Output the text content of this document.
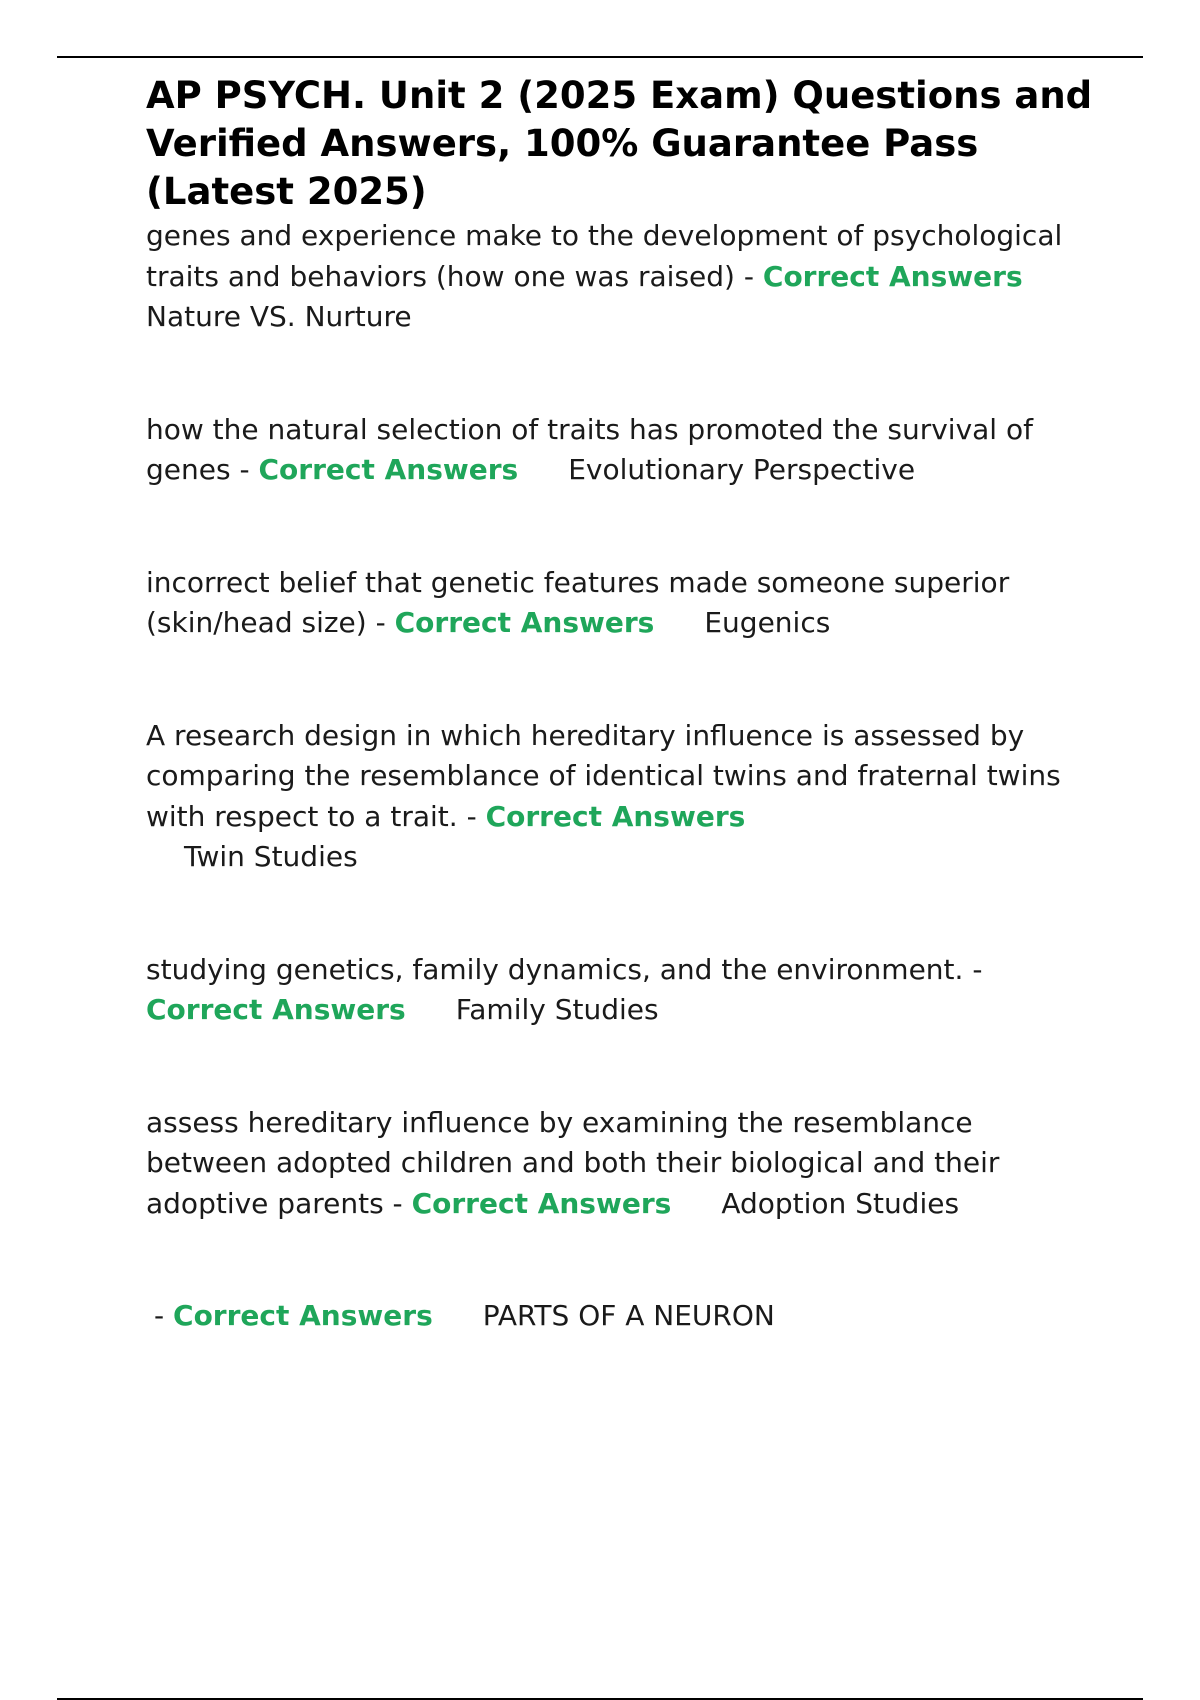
AP PSYCH. Unit 2 (2025 Exam) Questions and Verified Answers, 100% Guarantee Pass (Latest 2025)

genes and experience make to the development of psychological traits and behaviors (how one was raised) - Correct AnswersNature VS. Nurture

how the natural selection of traits has promoted the survival of genes - Correct Answers Evolutionary Perspective

incorrect belief that genetic features made someone superior (skin/head size) - Correct Answers Eugenics

A research design in which hereditary influence is assessed by comparing the resemblance of identical twins and fraternal twins with respect to a trait. - Correct Answers
Twin Studies

studying genetics, family dynamics, and the environment. - Correct Answers Family Studies

assess hereditary influence by examining the resemblance between adopted children and both their biological and their adoptive parents - Correct Answers Adoption Studies

- Correct Answers PARTS OF A NEURON
